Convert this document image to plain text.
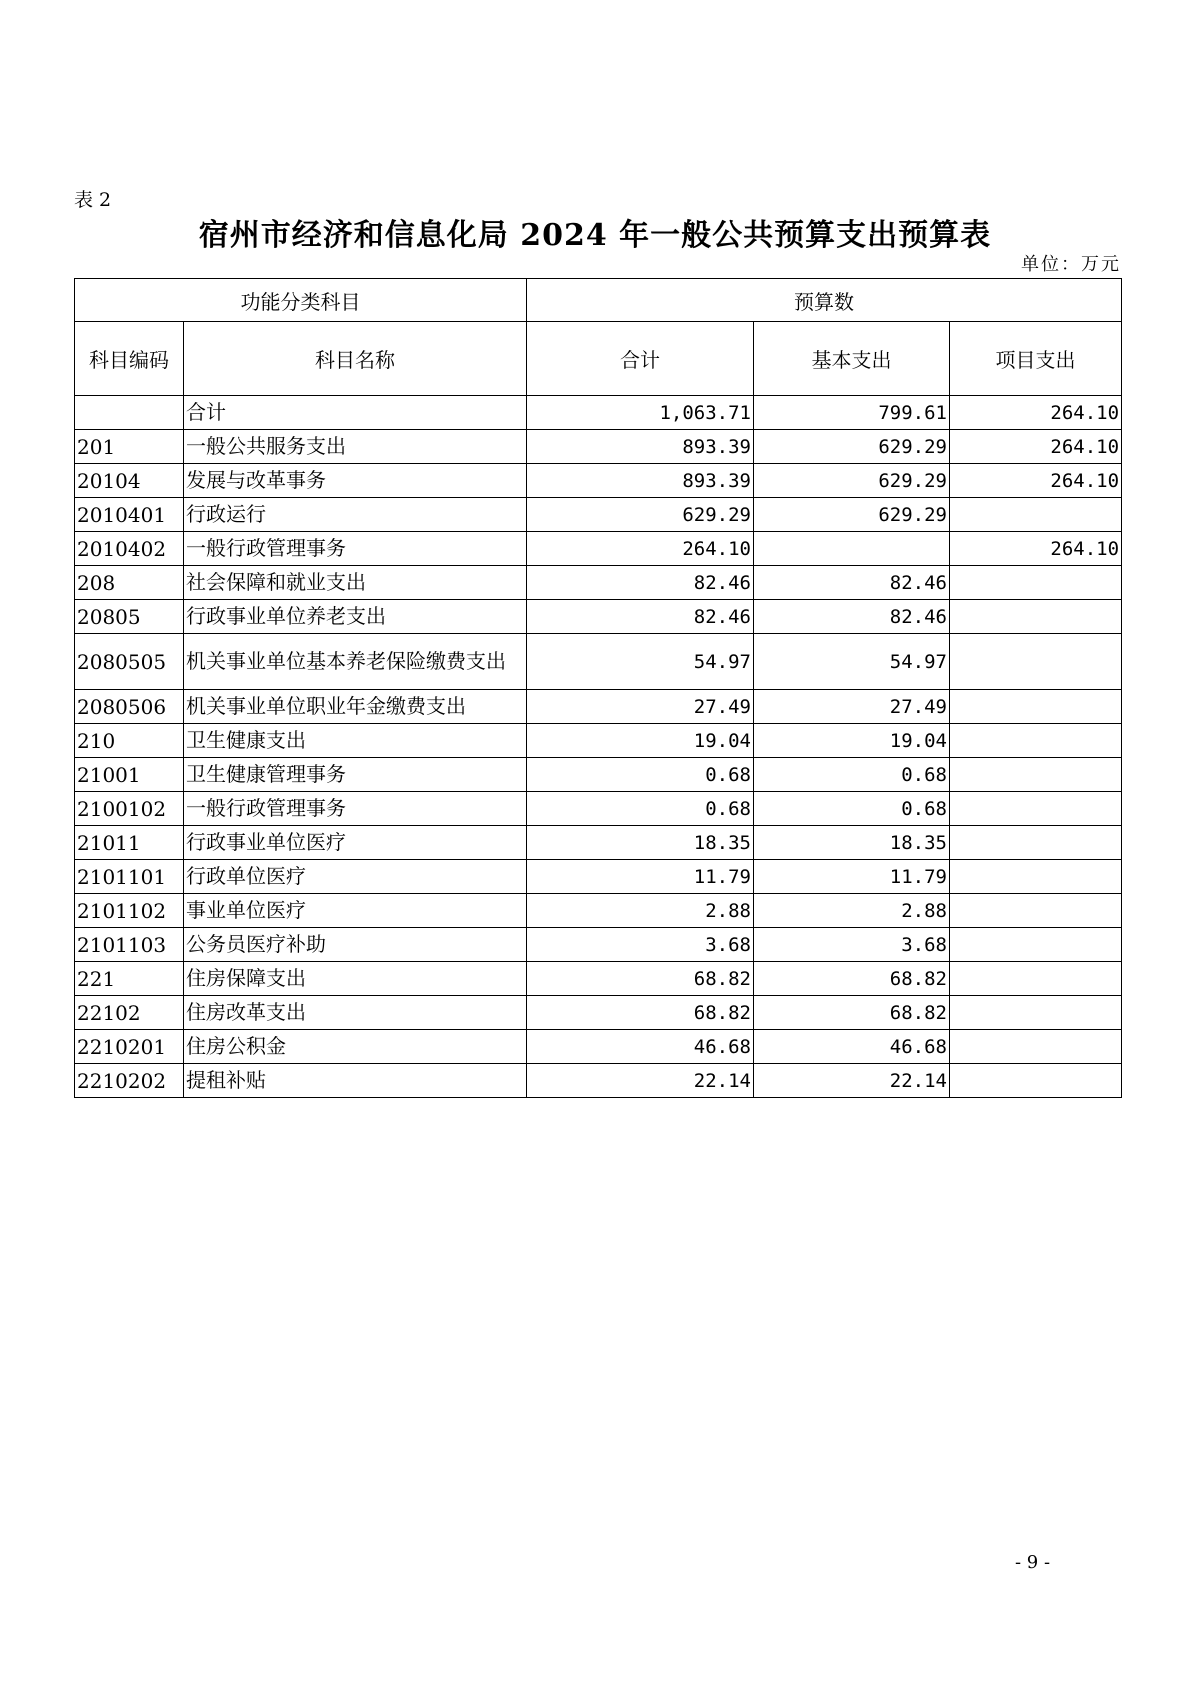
表 2
宿州市经济和信息化局 2024 年一般公共预算支出预算表
单位：万元
功能分类科目		预算数		
科目编码	科目名称	合计	基本支出	项目支出
	合计	1,063.71	799.61	264.10
201	一般公共服务支出	893.39	629.29	264.10
20104	发展与改革事务	893.39	629.29	264.10
2010401	行政运行	629.29	629.29	
2010402	一般行政管理事务	264.10		264.10
208	社会保障和就业支出	82.46	82.46	
20805	行政事业单位养老支出	82.46	82.46	
2080505	机关事业单位基本养老保险缴费支出	54.97	54.97	
2080506	机关事业单位职业年金缴费支出	27.49	27.49	
210	卫生健康支出	19.04	19.04	
21001	卫生健康管理事务	0.68	0.68	
2100102	一般行政管理事务	0.68	0.68	
21011	行政事业单位医疗	18.35	18.35	
2101101	行政单位医疗	11.79	11.79	
2101102	事业单位医疗	2.88	2.88	
2101103	公务员医疗补助	3.68	3.68	
221	住房保障支出	68.82	68.82	
22102	住房改革支出	68.82	68.82	
2210201	住房公积金	46.68	46.68	
2210202	提租补贴	22.14	22.14	
- 9 -
